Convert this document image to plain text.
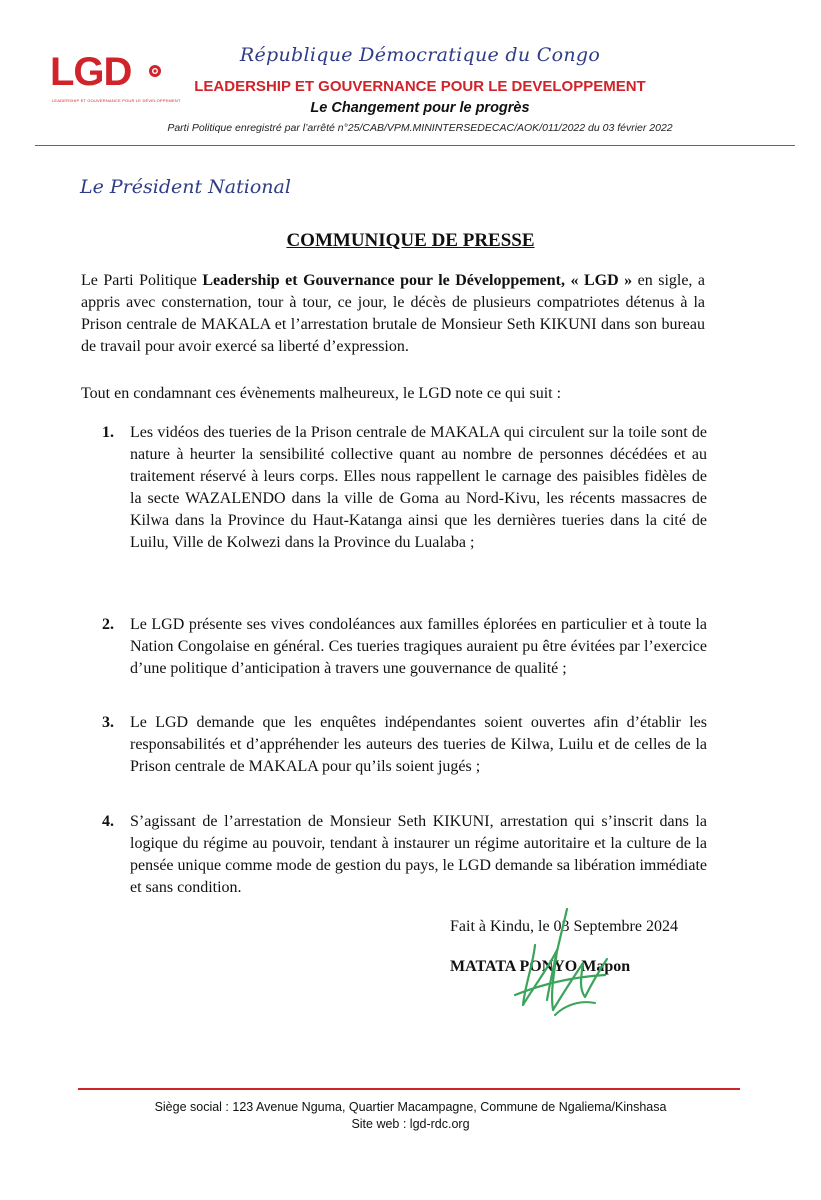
LGD
LEADERSHIP ET GOUVERNANCE POUR LE DÉVELOPPEMENT
République Démocratique du Congo
LEADERSHIP ET GOUVERNANCE POUR LE DEVELOPPEMENT
Le Changement pour le progrès
Parti Politique enregistré par l’arrêté n°25/CAB/VPM.MININTERSEDECAC/AOK/011/2022 du 03 février 2022
Le Président National
COMMUNIQUE DE PRESSE
Le Parti Politique Leadership et Gouvernance pour le Développement, « LGD » en sigle, a appris avec consternation, tour à tour, ce jour, le décès de plusieurs compatriotes détenus à la Prison centrale de MAKALA et l’arrestation brutale de Monsieur Seth KIKUNI dans son bureau de travail pour avoir exercé sa liberté d’expression.
Tout en condamnant ces évènements malheureux, le LGD note ce qui suit :
1. Les vidéos des tueries de la Prison centrale de MAKALA qui circulent sur la toile sont de nature à heurter la sensibilité collective quant au nombre de personnes décédées et au traitement réservé à leurs corps. Elles nous rappellent le carnage des paisibles fidèles de la secte WAZALENDO dans la ville de Goma au Nord-Kivu, les récents massacres de Kilwa dans la Province du Haut-Katanga ainsi que les dernières tueries dans la cité de Luilu, Ville de Kolwezi dans la Province du Lualaba ;
2. Le LGD présente ses vives condoléances aux familles éplorées en particulier et à toute la Nation Congolaise en général. Ces tueries tragiques auraient pu être évitées par l’exercice d’une politique d’anticipation à travers une gouvernance de qualité ;
3. Le LGD demande que les enquêtes indépendantes soient ouvertes afin d’établir les responsabilités et d’appréhender les auteurs des tueries de Kilwa, Luilu et de celles de la Prison centrale de MAKALA pour qu’ils soient jugés ;
4. S’agissant de l’arrestation de Monsieur Seth KIKUNI, arrestation qui s’inscrit dans la logique du régime au pouvoir, tendant à instaurer un régime autoritaire et la culture de la pensée unique comme mode de gestion du pays, le LGD demande sa libération immédiate et sans condition.
Fait à Kindu, le 03 Septembre 2024
MATATA PONYO Mapon
Siège social : 123 Avenue Nguma, Quartier Macampagne, Commune de Ngaliema/Kinshasa
Site web : lgd-rdc.org
